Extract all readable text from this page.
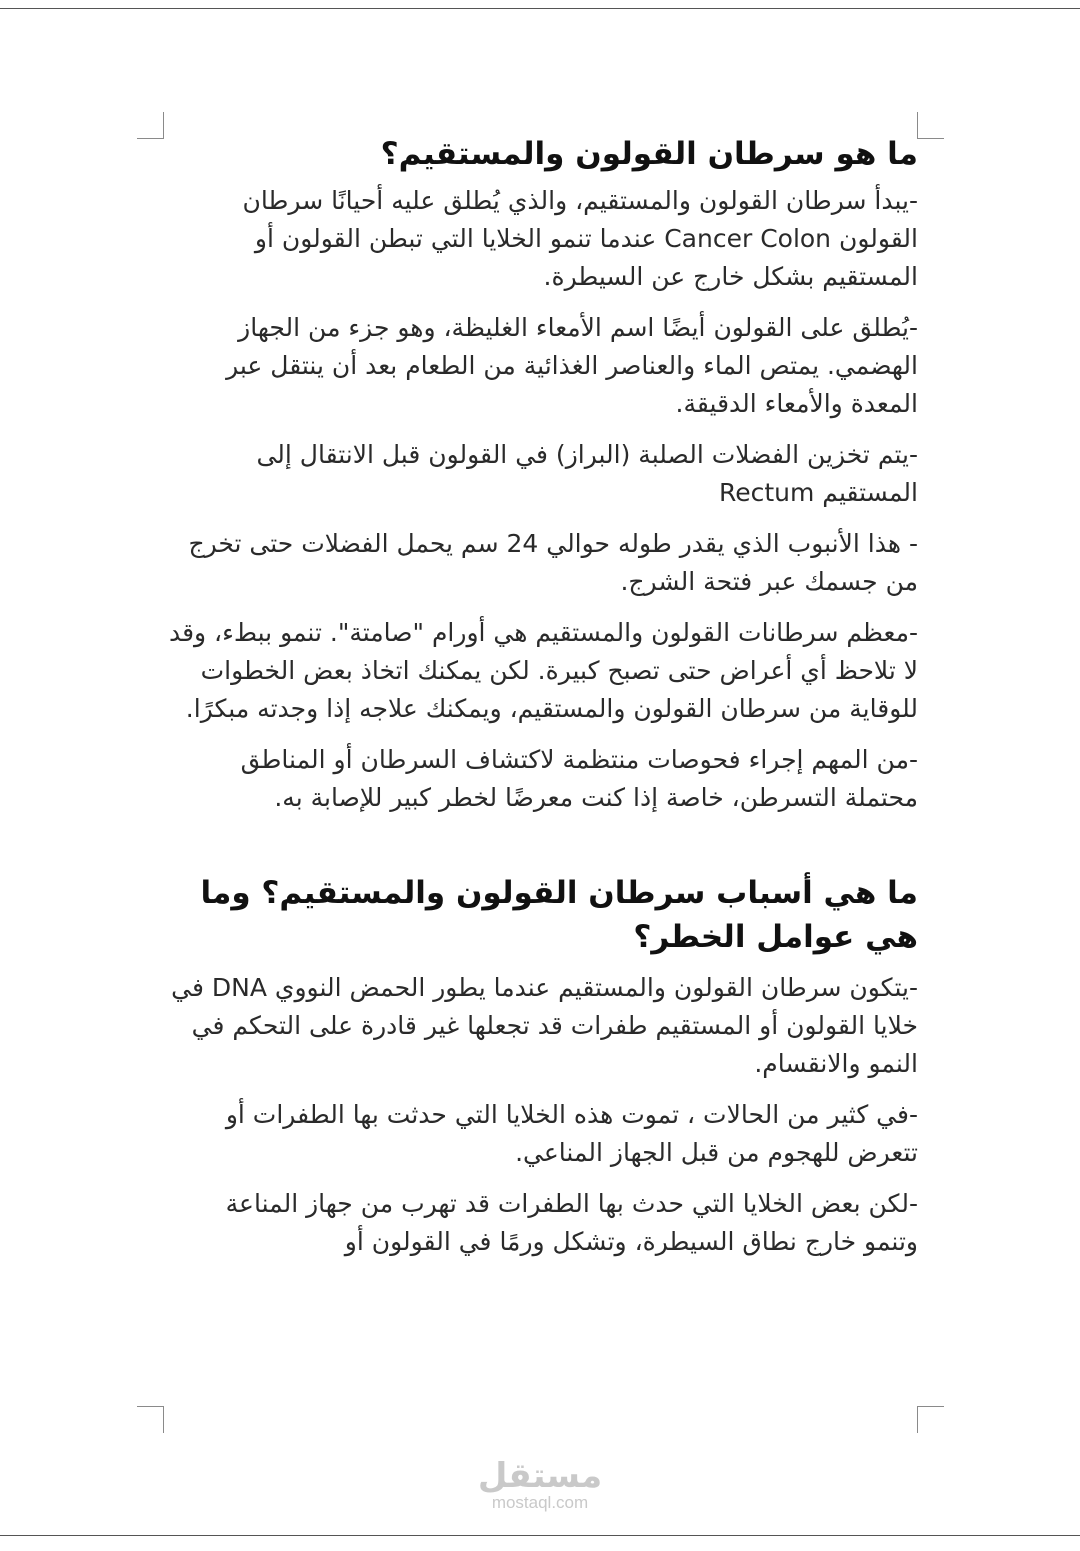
ما هو سرطان القولون والمستقيم؟

-يبدأ سرطان القولون والمستقيم، والذي يُطلق عليه أحيانًا سرطان القولون Cancer Colon عندما تنمو الخلايا التي تبطن القولون أو المستقيم بشكل خارج عن السيطرة.

-يُطلق على القولون أيضًا اسم الأمعاء الغليظة، وهو جزء من الجهاز الهضمي. يمتص الماء والعناصر الغذائية من الطعام بعد أن ينتقل عبر المعدة والأمعاء الدقيقة.

-يتم تخزين الفضلات الصلبة (البراز) في القولون قبل الانتقال إلى المستقيم Rectum

- هذا الأنبوب الذي يقدر طوله حوالي 24 سم يحمل الفضلات حتى تخرج من جسمك عبر فتحة الشرج.

-معظم سرطانات القولون والمستقيم هي أورام "صامتة". تنمو ببطء، وقد لا تلاحظ أي أعراض حتى تصبح كبيرة. لكن يمكنك اتخاذ بعض الخطوات للوقاية من سرطان القولون والمستقيم، ويمكنك علاجه إذا وجدته مبكرًا.

-من المهم إجراء فحوصات منتظمة لاكتشاف السرطان أو المناطق محتملة التسرطن، خاصة إذا كنت معرضًا لخطر كبير للإصابة به.

ما هي أسباب سرطان القولون والمستقيم؟ وما هي عوامل الخطر؟

-يتكون سرطان القولون والمستقيم عندما يطور الحمض النووي DNA في خلايا القولون أو المستقيم طفرات قد تجعلها غير قادرة على التحكم في النمو والانقسام.

-في كثير من الحالات ، تموت هذه الخلايا التي حدثت بها الطفرات أو تتعرض للهجوم من قبل الجهاز المناعي.

-لكن بعض الخلايا التي حدث بها الطفرات قد تهرب من جهاز المناعة وتنمو خارج نطاق السيطرة، وتشكل ورمًا في القولون أو

مستقل
mostaql.com
